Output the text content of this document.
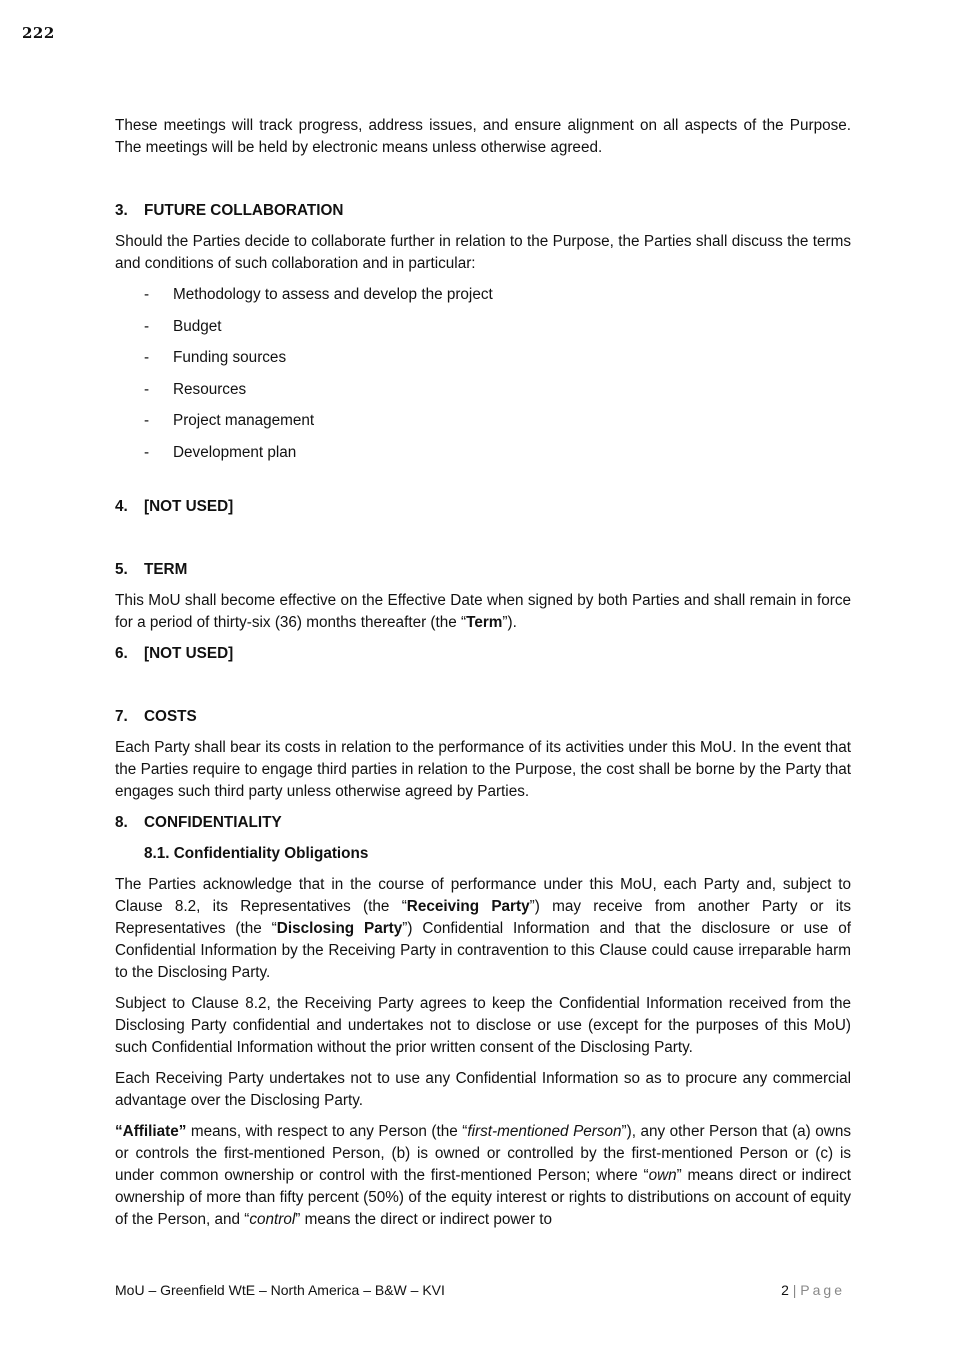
222

These meetings will track progress, address issues, and ensure alignment on all aspects of the Purpose. The meetings will be held by electronic means unless otherwise agreed.

3.	FUTURE COLLABORATION

Should the Parties decide to collaborate further in relation to the Purpose, the Parties shall discuss the terms and conditions of such collaboration and in particular:

-	Methodology to assess and develop the project
-	Budget
-	Funding sources
-	Resources
-	Project management
-	Development plan
4.	[NOT USED]
5.	TERM

This MoU shall become effective on the Effective Date when signed by both Parties and shall remain in force for a period of thirty-six (36) months thereafter (the “Term”).

6.	[NOT USED]
7.	COSTS

Each Party shall bear its costs in relation to the performance of its activities under this MoU. In the event that the Parties require to engage third parties in relation to the Purpose, the cost shall be borne by the Party that engages such third party unless otherwise agreed by Parties.

8.	CONFIDENTIALITY
8.1. Confidentiality Obligations

The Parties acknowledge that in the course of performance under this MoU, each Party and, subject to Clause 8.2, its Representatives (the “Receiving Party”) may receive from another Party or its Representatives (the “Disclosing Party”) Confidential Information and that the disclosure or use of Confidential Information by the Receiving Party in contravention to this Clause could cause irreparable harm to the Disclosing Party.

Subject to Clause 8.2, the Receiving Party agrees to keep the Confidential Information received from the Disclosing Party confidential and undertakes not to disclose or use (except for the purposes of this MoU) such Confidential Information without the prior written consent of the Disclosing Party.

Each Receiving Party undertakes not to use any Confidential Information so as to procure any commercial advantage over the Disclosing Party.

“Affiliate” means, with respect to any Person (the “first-mentioned Person”), any other Person that (a) owns or controls the first-mentioned Person, (b) is owned or controlled by the first-mentioned Person or (c) is under common ownership or control with the first-mentioned Person; where “own” means direct or indirect ownership of more than fifty percent (50%) of the equity interest or rights to distributions on account of equity of the Person, and “control” means the direct or indirect power to

MoU – Greenfield WtE – North America – B&W – KVI	2 | Page
